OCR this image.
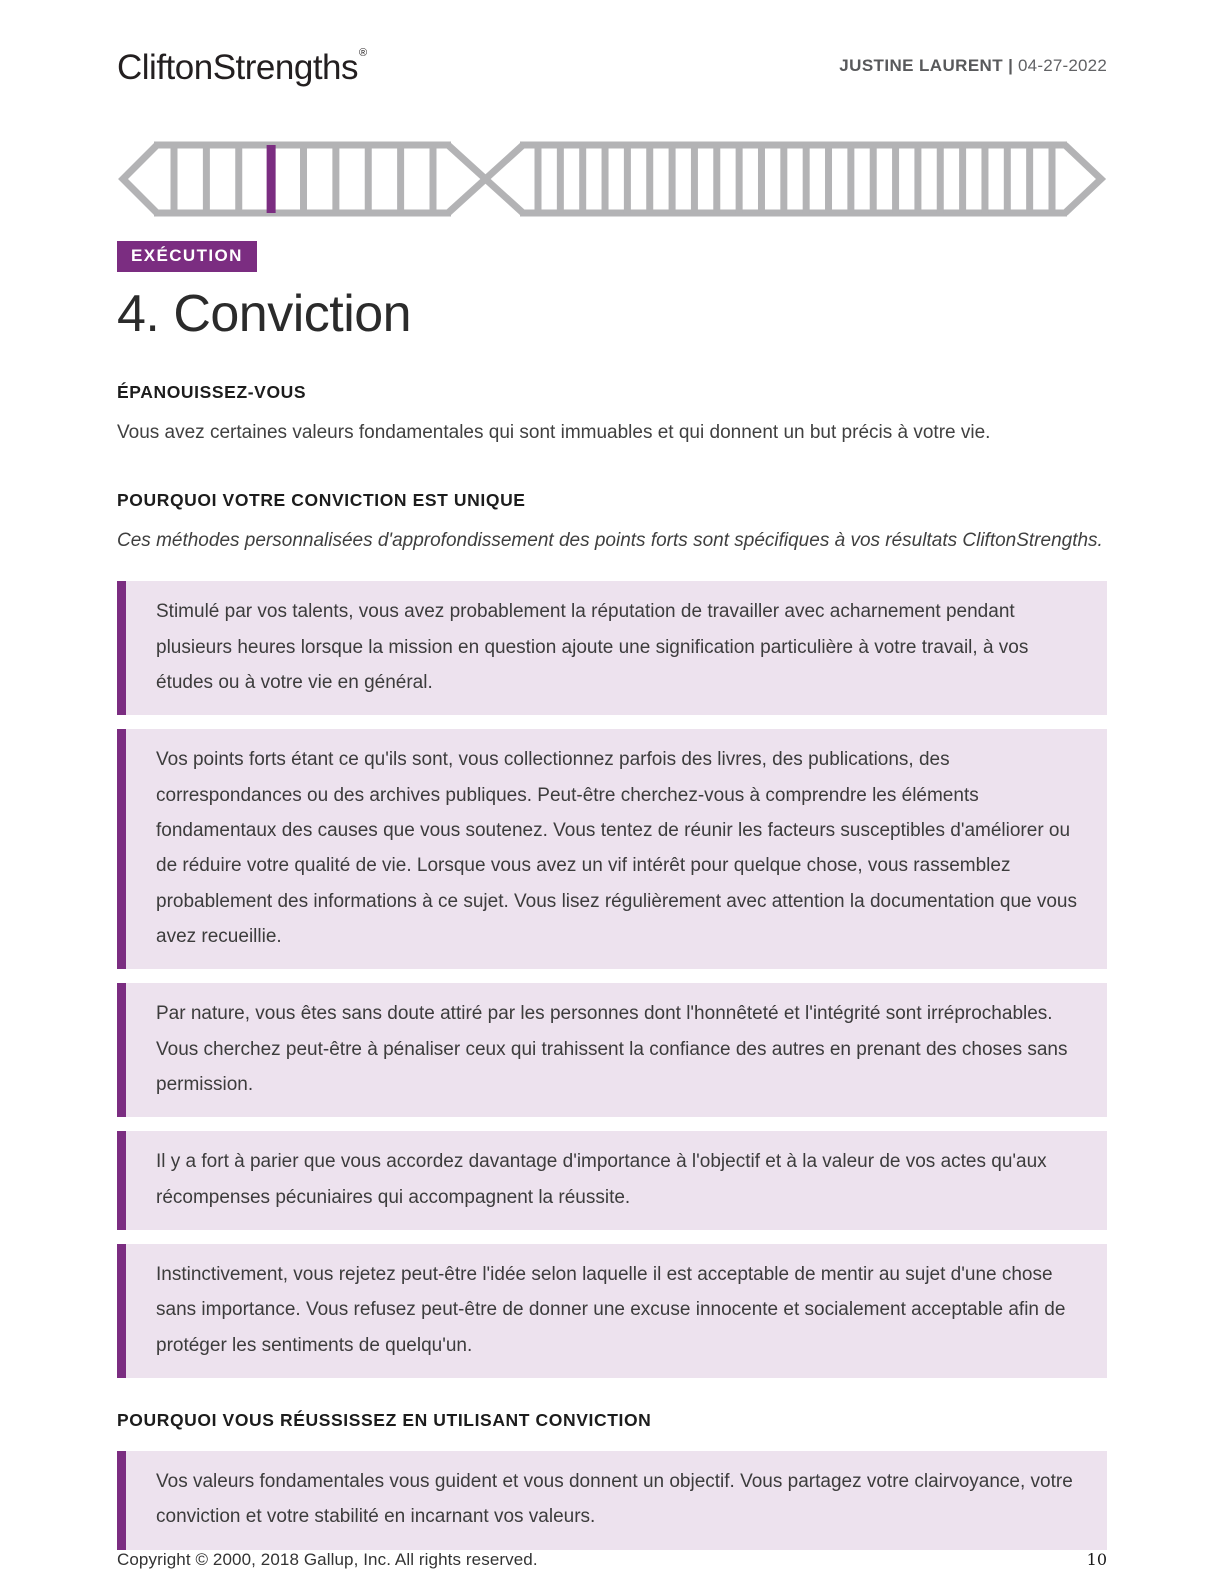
CliftonStrengths®
JUSTINE LAURENT | 04-27-2022
EXÉCUTION
4. Conviction
ÉPANOUISSEZ-VOUS

Vous avez certaines valeurs fondamentales qui sont immuables et qui donnent un but précis à votre vie.

POURQUOI VOTRE CONVICTION EST UNIQUE

Ces méthodes personnalisées d'approfondissement des points forts sont spécifiques à vos résultats CliftonStrengths.

Stimulé par vos talents, vous avez probablement la réputation de travailler avec acharnement pendant plusieurs heures lorsque la mission en question ajoute une signification particulière à votre travail, à vos études ou à votre vie en général.
Vos points forts étant ce qu'ils sont, vous collectionnez parfois des livres, des publications, des correspondances ou des archives publiques. Peut-être cherchez-vous à comprendre les éléments fondamentaux des causes que vous soutenez. Vous tentez de réunir les facteurs susceptibles d'améliorer ou de réduire votre qualité de vie. Lorsque vous avez un vif intérêt pour quelque chose, vous rassemblez probablement des informations à ce sujet. Vous lisez régulièrement avec attention la documentation que vous avez recueillie.
Par nature, vous êtes sans doute attiré par les personnes dont l'honnêteté et l'intégrité sont irréprochables. Vous cherchez peut-être à pénaliser ceux qui trahissent la confiance des autres en prenant des choses sans permission.
Il y a fort à parier que vous accordez davantage d'importance à l'objectif et à la valeur de vos actes qu'aux récompenses pécuniaires qui accompagnent la réussite.
Instinctivement, vous rejetez peut-être l'idée selon laquelle il est acceptable de mentir au sujet d'une chose sans importance. Vous refusez peut-être de donner une excuse innocente et socialement acceptable afin de protéger les sentiments de quelqu'un.
POURQUOI VOUS RÉUSSISSEZ EN UTILISANT CONVICTION
Vos valeurs fondamentales vous guident et vous donnent un objectif. Vous partagez votre clairvoyance, votre conviction et votre stabilité en incarnant vos valeurs.
Copyright © 2000, 2018 Gallup, Inc. All rights reserved.	10
